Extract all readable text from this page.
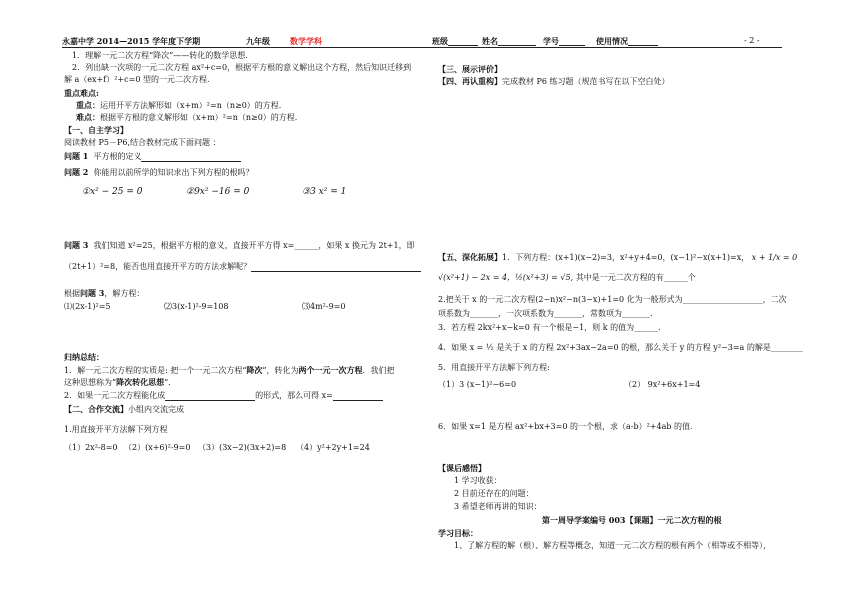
永嘉中学 2014—2015 学年度下学期	九年级	数学学科	班级	姓名	学号	使用情况	- 2 -
1．理解一元二次方程“降次”——转化的数学思想.
2．列出缺一次项的一元二次方程 ax²+c=0，根据平方根的意义解出这个方程，然后知识迁移到
解 a（ex+f）²+c=0 型的一元二次方程.
重点难点:
重点：运用开平方法解形如（x+m）²=n（n≥0）的方程.
难点：根据平方根的意义解形如（x+m）²=n（n≥0）的方程.
【一、自主学习】
阅读教材 P5－P6,结合教材完成下面问题 ：
问题 1 平方根的定义
问题 2 你能用以前所学的知识求出下列方程的根吗？
①x² − 25 = 0	②9x² −16 = 0	③3 x² = 1
问题 3 我们知道 x²=25，根据平方根的意义，直接开平方得 x=______，如果 x 换元为 2t+1，即
（2t+1）²=8，能否也用直接开平方的方法求解呢？
根据问题 3，解方程：
⑴(2x-1)²=5	⑵3(x-1)²-9=108	⑶4m²-9=0
归纳总结：
1．解一元二次方程的实质是: 把一个一元二次方程“降次”，转化为两个一元一次方程．我们把
这种思想称为“降次转化思想”．
2．如果一元二次方程能化成	的形式，那么可得 x=
【二、合作交流】小组内交流完成
1.用直接开平方法解下列方程
（1）2x²-8=0 （2）(x+6)²-9=0 （3）(3x−2)(3x+2)=8 （4）y²+2y+1=24
【三、展示评价】
【四、再认重构】完成教材 P6 练习题（规范书写在以下空白处）
【五、深化拓展】1．下列方程：(x+1)(x−2)=3，x²+y+4=0，(x−1)²−x(x+1)=x， x + 1/x = 0
√(x²+1) − 2x = 4，½(x²+3) = √5, 其中是一元二次方程的有______个
2.把关于 x 的一元二次方程(2−n)x²−n(3−x)+1=0 化为一般形式为____________________，二次
项系数为_______，一次项系数为_______，常数项为_______.
3．若方程 2kx²+x−k=0 有一个根是−1，则 k 的值为______.
4．如果 x = ½ 是关于 x 的方程 2x²+3ax−2a=0 的根，那么关于 y 的方程 y²−3=a 的解是________
5．用直接开平方法解下列方程:
（1）3 (x−1)²−6=0	（2） 9x²+6x+1=4
6．如果 x=1 是方程 ax²+bx+3=0 的一个根，求（a-b）²+4ab 的值.
【课后感悟】
1 学习收获：
2 目前还存在的问题：
3 希望老师再讲的知识：
第一周导学案编号 003【课题】一元二次方程的根
学习目标：
1、了解方程的解（根）、解方程等概念，知道一元二次方程的根有两个（相等或不相等），
